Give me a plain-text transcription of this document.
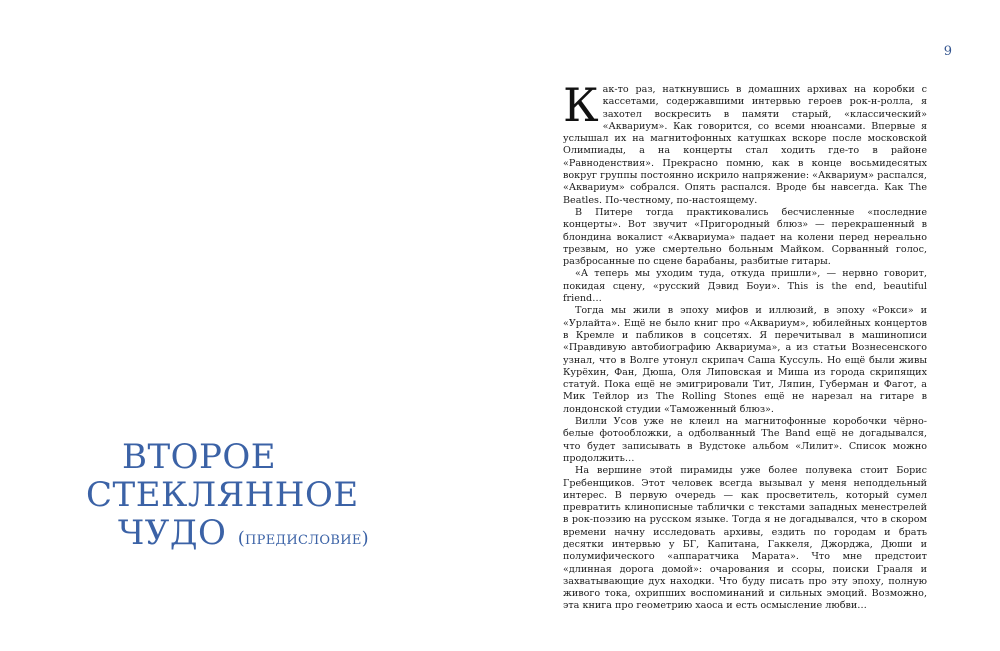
9
ВТОРОЕ
СТЕКЛЯННОЕ
ЧУДО (предисловие)

Как-то раз, наткнувшись в домашних архивах на коробки с кассетами, содержавшими интервью героев рок-н-ролла, я захотел воскресить в памяти старый, «классический» «Аквариум». Как говорится, со всеми нюансами. Впервые я услышал их на магнитофонных катушках вскоре после московской Олимпиады, а на концерты стал ходить где-то в районе «Равноденствия». Прекрасно помню, как в конце восьмидесятых вокруг группы постоянно искрило напряжение: «Аквариум» распался, «Аквариум» собрался. Опять распался. Вроде бы навсегда. Как The Beatles. По-честному, по-настоящему.

В Питере тогда практиковались бесчисленные «последние концерты». Вот звучит «Пригородный блюз» — перекрашенный в блондина вокалист «Аквариума» падает на колени перед нереально трезвым, но уже смертельно больным Майком. Сорванный голос, разбросанные по сцене барабаны, разбитые гитары.

«А теперь мы уходим туда, откуда пришли», — нервно говорит, покидая сцену, «русский Дэвид Боуи». This is the end, beautiful friend…

Тогда мы жили в эпоху мифов и иллюзий, в эпоху «Рокси» и «Урлайта». Ещё не было книг про «Аквариум», юбилейных концертов в Кремле и пабликов в соцсетях. Я перечитывал в машинописи «Правдивую автобиографию Аквариума», а из статьи Вознесенского узнал, что в Волге утонул скрипач Саша Куссуль. Но ещё были живы Курёхин, Фан, Дюша, Оля Липовская и Миша из города скрипящих статуй. Пока ещё не эмигрировали Тит, Ляпин, Губерман и Фагот, а Мик Тейлор из The Rolling Stones ещё не нарезал на гитаре в лондонской студии «Таможенный блюз».

Вилли Усов уже не клеил на магнитофонные коробочки чёрно-белые фотообложки, а одболванный The Band ещё не догадывался, что будет записывать в Вудстоке альбом «Лилит». Список можно продолжить…

На вершине этой пирамиды уже более полувека стоит Борис Гребенщиков. Этот человек всегда вызывал у меня неподдельный интерес. В первую очередь — как просветитель, который сумел превратить клинописные таблички с текстами западных менестрелей в рок-поэзию на русском языке. Тогда я не догадывался, что в скором времени начну исследовать архивы, ездить по городам и брать десятки интервью у БГ, Капитана, Гаккеля, Джорджа, Дюши и полумифического «аппаратчика Марата». Что мне предстоит «длинная дорога домой»: очарования и ссоры, поиски Грааля и захватывающие дух находки. Что буду писать про эту эпоху, полную живого тока, охрипших воспоминаний и сильных эмоций. Возможно, эта книга про геометрию хаоса и есть осмысление любви…
